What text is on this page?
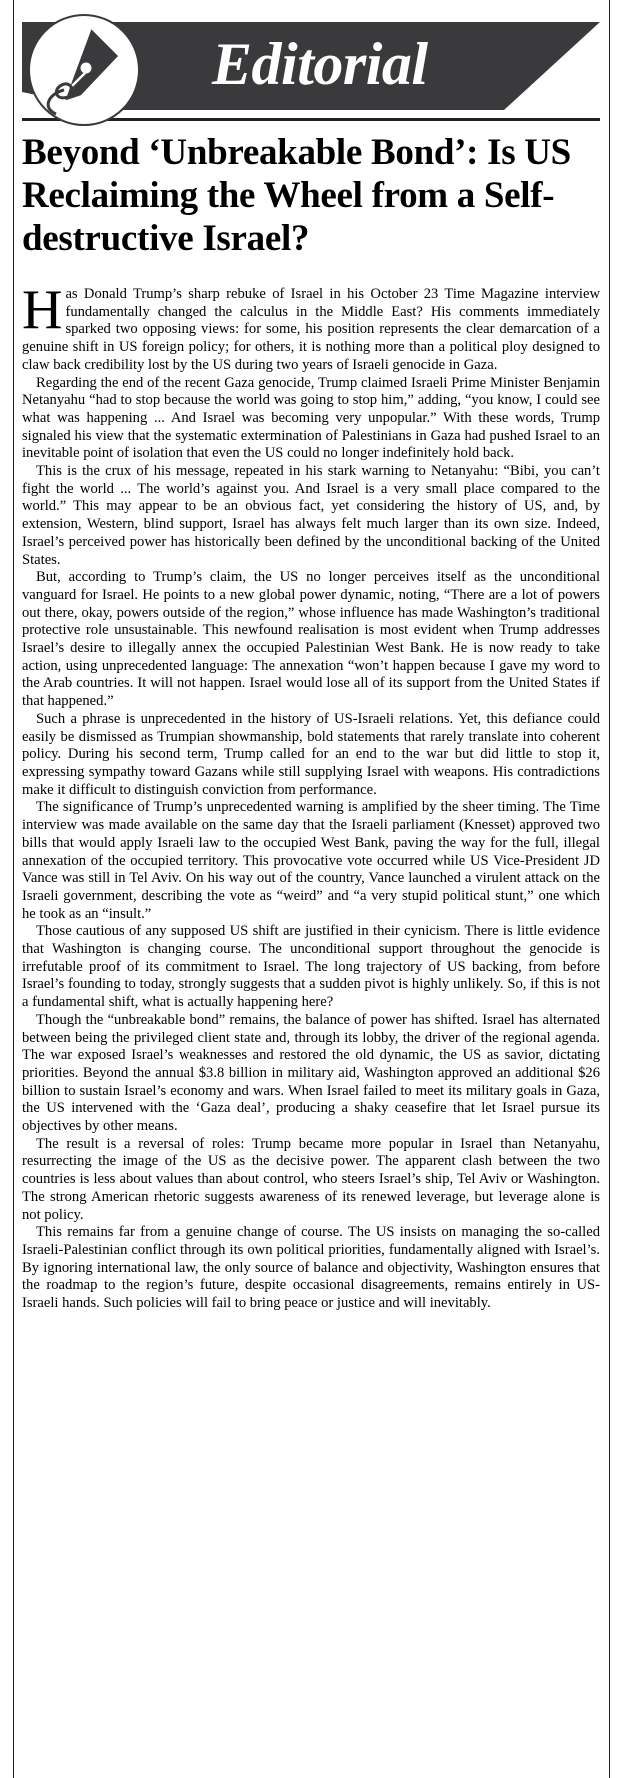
Editorial
Beyond ‘Unbreakable Bond’: Is US Reclaiming the Wheel from a Self-destructive Israel?

Has Donald Trump’s sharp rebuke of Israel in his October 23 Time Magazine interview fundamentally changed the calculus in the Middle East? His comments immediately sparked two opposing views: for some, his position represents the clear demarcation of a genuine shift in US foreign policy; for others, it is nothing more than a political ploy designed to claw back credibility lost by the US during two years of Israeli genocide in Gaza.

Regarding the end of the recent Gaza genocide, Trump claimed Israeli Prime Minister Benjamin Netanyahu “had to stop because the world was going to stop him,” adding, “you know, I could see what was happening ... And Israel was becoming very unpopular.” With these words, Trump signaled his view that the systematic extermination of Palestinians in Gaza had pushed Israel to an inevitable point of isolation that even the US could no longer indefinitely hold back.

This is the crux of his message, repeated in his stark warning to Netanyahu: “Bibi, you can’t fight the world ... The world’s against you. And Israel is a very small place compared to the world.” This may appear to be an obvious fact, yet considering the history of US, and, by extension, Western, blind support, Israel has always felt much larger than its own size. Indeed, Israel’s perceived power has historically been defined by the unconditional backing of the United States.

But, according to Trump’s claim, the US no longer perceives itself as the unconditional vanguard for Israel. He points to a new global power dynamic, noting, “There are a lot of powers out there, okay, powers outside of the region,” whose influence has made Washington’s traditional protective role unsustainable. This newfound realisation is most evident when Trump addresses Israel’s desire to illegally annex the occupied Palestinian West Bank. He is now ready to take action, using unprecedented language: The annexation “won’t happen because I gave my word to the Arab countries. It will not happen. Israel would lose all of its support from the United States if that happened.”

Such a phrase is unprecedented in the history of US-Israeli relations. Yet, this defiance could easily be dismissed as Trumpian showmanship, bold statements that rarely translate into coherent policy. During his second term, Trump called for an end to the war but did little to stop it, expressing sympathy toward Gazans while still supplying Israel with weapons. His contradictions make it difficult to distinguish conviction from performance.

The significance of Trump’s unprecedented warning is amplified by the sheer timing. The Time interview was made available on the same day that the Israeli parliament (Knesset) approved two bills that would apply Israeli law to the occupied West Bank, paving the way for the full, illegal annexation of the occupied territory. This provocative vote occurred while US Vice-President JD Vance was still in Tel Aviv. On his way out of the country, Vance launched a virulent attack on the Israeli government, describing the vote as “weird” and “a very stupid political stunt,” one which he took as an “insult.”

Those cautious of any supposed US shift are justified in their cynicism. There is little evidence that Washington is changing course. The unconditional support throughout the genocide is irrefutable proof of its commitment to Israel. The long trajectory of US backing, from before Israel’s founding to today, strongly suggests that a sudden pivot is highly unlikely. So, if this is not a fundamental shift, what is actually happening here?

Though the “unbreakable bond” remains, the balance of power has shifted. Israel has alternated between being the privileged client state and, through its lobby, the driver of the regional agenda. The war exposed Israel’s weaknesses and restored the old dynamic, the US as savior, dictating priorities. Beyond the annual $3.8 billion in military aid, Washington approved an additional $26 billion to sustain Israel’s economy and wars. When Israel failed to meet its military goals in Gaza, the US intervened with the ‘Gaza deal’, producing a shaky ceasefire that let Israel pursue its objectives by other means.

The result is a reversal of roles: Trump became more popular in Israel than Netanyahu, resurrecting the image of the US as the decisive power. The apparent clash between the two countries is less about values than about control, who steers Israel’s ship, Tel Aviv or Washington. The strong American rhetoric suggests awareness of its renewed leverage, but leverage alone is not policy.

This remains far from a genuine change of course. The US insists on managing the so-called Israeli-Palestinian conflict through its own political priorities, fundamentally aligned with Israel’s. By ignoring international law, the only source of balance and objectivity, Washington ensures that the roadmap to the region’s future, despite occasional disagreements, remains entirely in US-Israeli hands. Such policies will fail to bring peace or justice and will inevitably.
